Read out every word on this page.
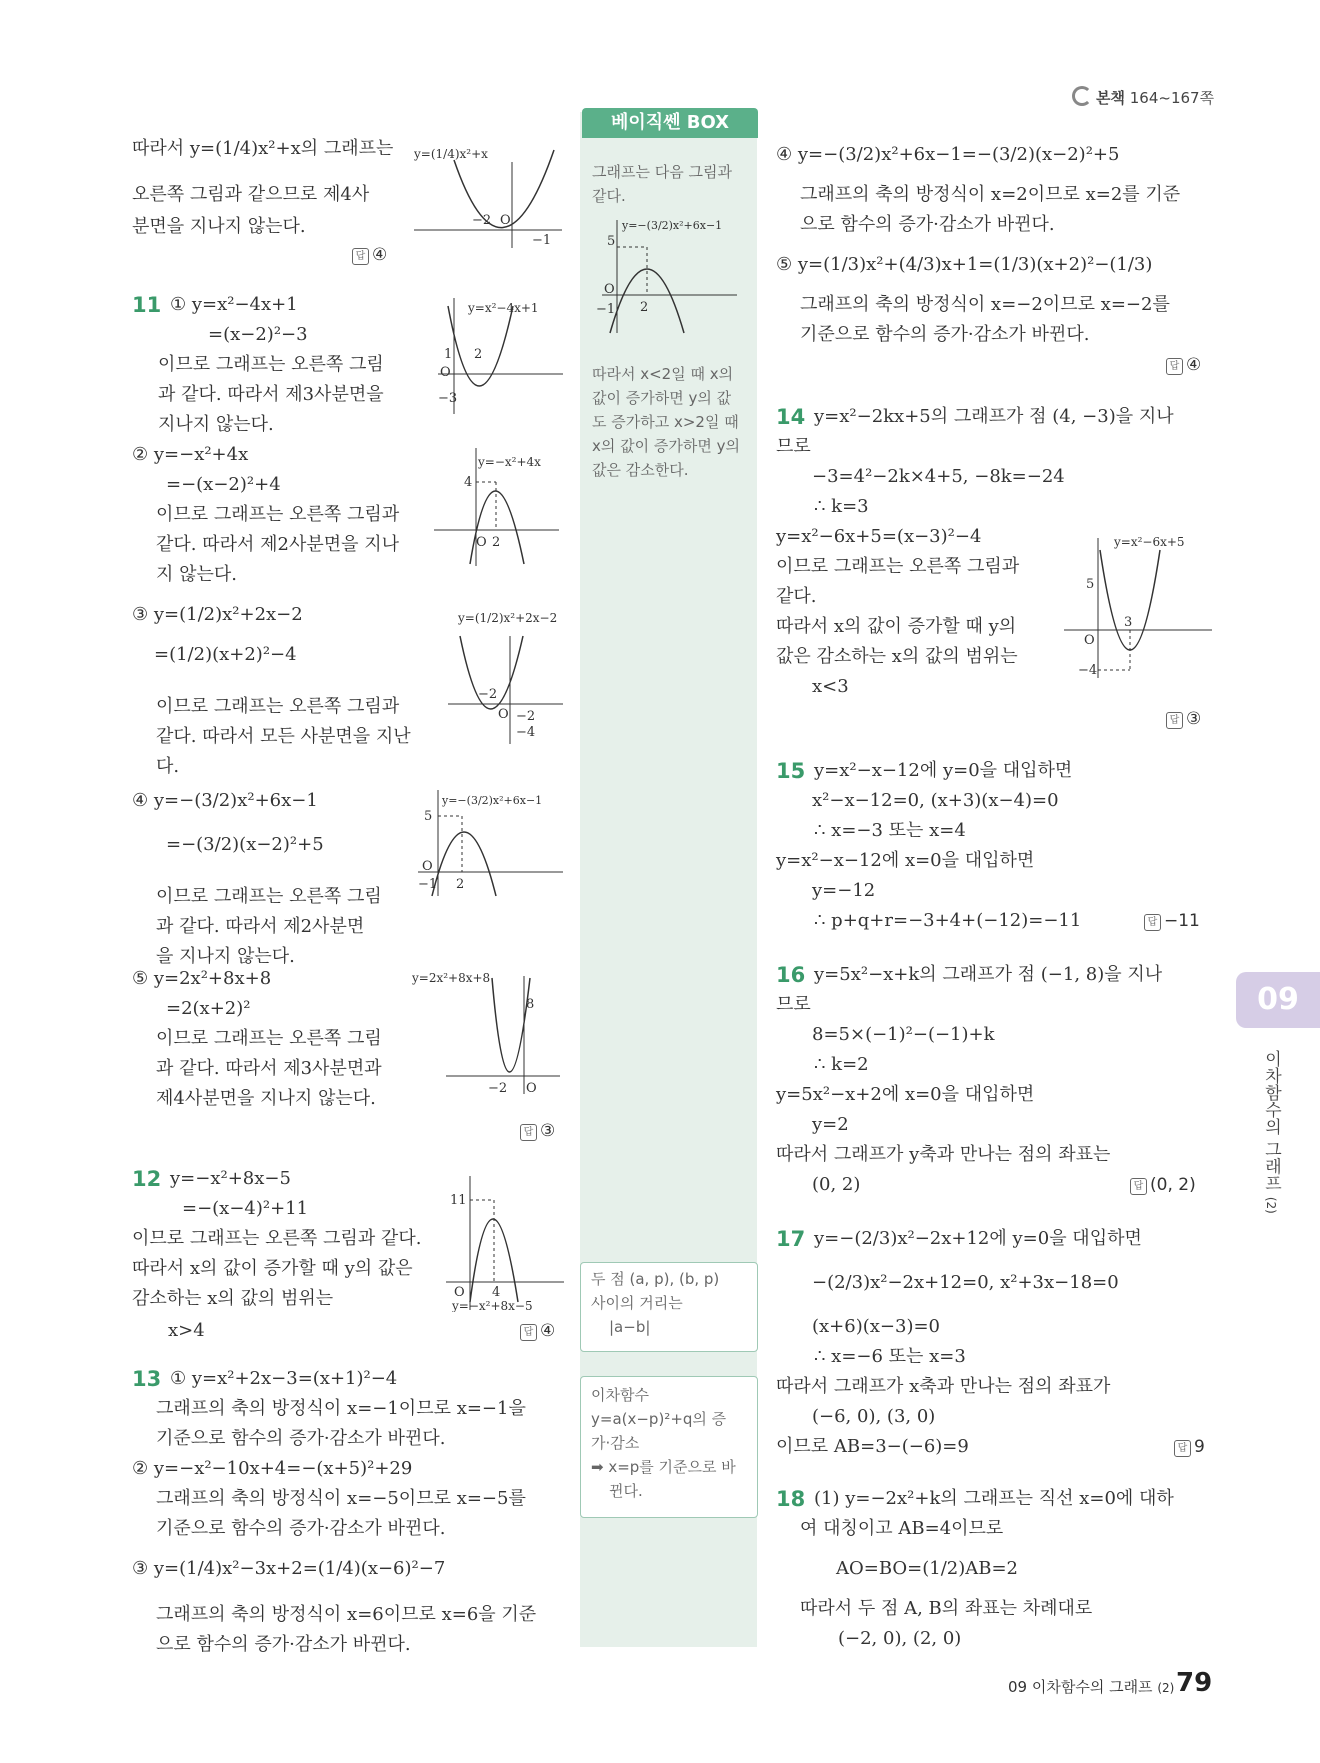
본책 164~167쪽
베이직쎈 BOX
그래프는 다음 그림과
같다.
5
O
−1 2
y=−(3/2)x²+6x−1
따라서 x<2일 때 x의
값이 증가하면 y의 값
도 증가하고 x>2일 때
x의 값이 증가하면 y의
값은 감소한다.
두 점 (a, p), (b, p)
사이의 거리는
|a−b|
이차함수
y=a(x−p)²+q의 증
가·감소
➡ x=p를 기준으로 바
뀐다.
따라서 y=(1/4)x²+x의 그래프는
오른쪽 그림과 같으므로 제4사
분면을 지나지 않는다.
답 ④
y=(1/4)x²+x
−2 O
−1
11 ① y=x²−4x+1
=(x−2)²−3
이므로 그래프는 오른쪽 그림
과 같다. 따라서 제3사분면을
지나지 않는다.
y=x²−4x+1
1
O
2
−3
② y=−x²+4x
=−(x−2)²+4
이므로 그래프는 오른쪽 그림과
같다. 따라서 제2사분면을 지나
지 않는다.
y=−x²+4x
4
O 2
③ y=(1/2)x²+2x−2
=(1/2)(x+2)²−4
이므로 그래프는 오른쪽 그림과
같다. 따라서 모든 사분면을 지난
다.
y=(1/2)x²+2x−2
−2
O −2
−4
④ y=−(3/2)x²+6x−1
=−(3/2)(x−2)²+5
이므로 그래프는 오른쪽 그림
과 같다. 따라서 제2사분면
을 지나지 않는다.
y=−(3/2)x²+6x−1
5
O
−1 2
⑤ y=2x²+8x+8
=2(x+2)²
이므로 그래프는 오른쪽 그림
과 같다. 따라서 제3사분면과
제4사분면을 지나지 않는다.
y=2x²+8x+8
8
−2 O
답 ③
12 y=−x²+8x−5
=−(x−4)²+11
이므로 그래프는 오른쪽 그림과 같다.
따라서 x의 값이 증가할 때 y의 값은
감소하는 x의 값의 범위는
x>4
11
O 4
y=−x²+8x−5
답 ④
13 ① y=x²+2x−3=(x+1)²−4
그래프의 축의 방정식이 x=−1이므로 x=−1을
기준으로 함수의 증가·감소가 바뀐다.
② y=−x²−10x+4=−(x+5)²+29
그래프의 축의 방정식이 x=−5이므로 x=−5를
기준으로 함수의 증가·감소가 바뀐다.
③ y=(1/4)x²−3x+2=(1/4)(x−6)²−7
그래프의 축의 방정식이 x=6이므로 x=6을 기준
으로 함수의 증가·감소가 바뀐다.
④ y=−(3/2)x²+6x−1=−(3/2)(x−2)²+5
그래프의 축의 방정식이 x=2이므로 x=2를 기준
으로 함수의 증가·감소가 바뀐다.
⑤ y=(1/3)x²+(4/3)x+1=(1/3)(x+2)²−(1/3)
그래프의 축의 방정식이 x=−2이므로 x=−2를
기준으로 함수의 증가·감소가 바뀐다.
답 ④
14 y=x²−2kx+5의 그래프가 점 (4, −3)을 지나
므로
−3=4²−2k×4+5, −8k=−24
∴ k=3
y=x²−6x+5=(x−3)²−4
이므로 그래프는 오른쪽 그림과
같다.
따라서 x의 값이 증가할 때 y의
값은 감소하는 x의 값의 범위는
x<3
y=x²−6x+5
5
O
3
−4
답 ③
15 y=x²−x−12에 y=0을 대입하면
x²−x−12=0, (x+3)(x−4)=0
∴ x=−3 또는 x=4
y=x²−x−12에 x=0을 대입하면
y=−12
∴ p+q+r=−3+4+(−12)=−11	답 −11
16 y=5x²−x+k의 그래프가 점 (−1, 8)을 지나
므로
8=5×(−1)²−(−1)+k
∴ k=2
y=5x²−x+2에 x=0을 대입하면
y=2
따라서 그래프가 y축과 만나는 점의 좌표는
(0, 2)	답 (0, 2)
17 y=−(2/3)x²−2x+12에 y=0을 대입하면
−(2/3)x²−2x+12=0, x²+3x−18=0
(x+6)(x−3)=0
∴ x=−6 또는 x=3
따라서 그래프가 x축과 만나는 점의 좌표가
(−6, 0), (3, 0)
이므로 AB=3−(−6)=9	답 9
18 (1) y=−2x²+k의 그래프는 직선 x=0에 대하
여 대칭이고 AB=4이므로
AO=BO=(1/2)AB=2
따라서 두 점 A, B의 좌표는 차례대로
(−2, 0), (2, 0)
09
이차함수의 그래프 (2)
09 이차함수의 그래프 (2) 79
